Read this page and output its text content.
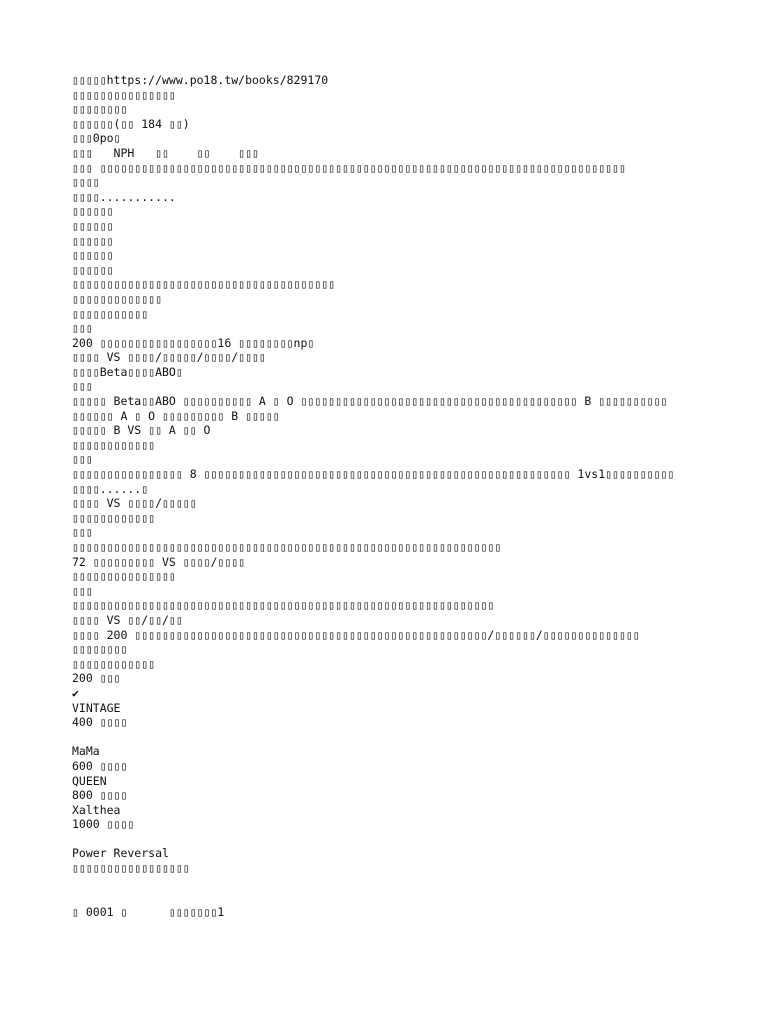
▯▯▯▯▯https://www.po18.tw/books/829170
▯▯▯▯▯▯▯▯▯▯▯▯▯▯▯
▯▯▯▯▯▯▯▯
▯▯▯▯▯▯(▯▯ 184 ▯▯)
▯▯▯0po▯
▯▯▯   NPH   ▯▯    ▯▯    ▯▯▯
▯▯▯ ▯▯▯▯▯▯▯▯▯▯▯▯▯▯▯▯▯▯▯▯▯▯▯▯▯▯▯▯▯▯▯▯▯▯▯▯▯▯▯▯▯▯▯▯▯▯▯▯▯▯▯▯▯▯▯▯▯▯▯▯▯▯▯▯▯▯▯▯▯▯▯▯▯▯▯▯
▯▯▯▯
▯▯▯▯...........
▯▯▯▯▯▯
▯▯▯▯▯▯
▯▯▯▯▯▯
▯▯▯▯▯▯
▯▯▯▯▯▯
▯▯▯▯▯▯▯▯▯▯▯▯▯▯▯▯▯▯▯▯▯▯▯▯▯▯▯▯▯▯▯▯▯▯▯▯▯▯
▯▯▯▯▯▯▯▯▯▯▯▯▯
▯▯▯▯▯▯▯▯▯▯▯
▯▯▯
200 ▯▯▯▯▯▯▯▯▯▯▯▯▯▯▯▯▯16 ▯▯▯▯▯▯▯▯np▯
▯▯▯▯ VS ▯▯▯▯/▯▯▯▯▯/▯▯▯▯/▯▯▯▯
▯▯▯▯Beta▯▯▯▯ABO▯
▯▯▯
▯▯▯▯▯ Beta▯▯ABO ▯▯▯▯▯▯▯▯▯▯ A ▯ O ▯▯▯▯▯▯▯▯▯▯▯▯▯▯▯▯▯▯▯▯▯▯▯▯▯▯▯▯▯▯▯▯▯▯▯▯▯▯▯▯ B ▯▯▯▯▯▯▯▯▯▯
▯▯▯▯▯▯ A ▯ O ▯▯▯▯▯▯▯▯▯ B ▯▯▯▯▯
▯▯▯▯▯ B VS ▯▯ A ▯▯ O
▯▯▯▯▯▯▯▯▯▯▯▯
▯▯▯
▯▯▯▯▯▯▯▯▯▯▯▯▯▯▯▯ 8 ▯▯▯▯▯▯▯▯▯▯▯▯▯▯▯▯▯▯▯▯▯▯▯▯▯▯▯▯▯▯▯▯▯▯▯▯▯▯▯▯▯▯▯▯▯▯▯▯▯▯▯▯▯ 1vs1▯▯▯▯▯▯▯▯▯▯
▯▯▯▯......▯
▯▯▯▯ VS ▯▯▯▯/▯▯▯▯▯
▯▯▯▯▯▯▯▯▯▯▯▯
▯▯▯
▯▯▯▯▯▯▯▯▯▯▯▯▯▯▯▯▯▯▯▯▯▯▯▯▯▯▯▯▯▯▯▯▯▯▯▯▯▯▯▯▯▯▯▯▯▯▯▯▯▯▯▯▯▯▯▯▯▯▯▯▯▯
72 ▯▯▯▯▯▯▯▯▯ VS ▯▯▯▯/▯▯▯▯
▯▯▯▯▯▯▯▯▯▯▯▯▯▯▯
▯▯▯
▯▯▯▯▯▯▯▯▯▯▯▯▯▯▯▯▯▯▯▯▯▯▯▯▯▯▯▯▯▯▯▯▯▯▯▯▯▯▯▯▯▯▯▯▯▯▯▯▯▯▯▯▯▯▯▯▯▯▯▯▯
▯▯▯▯ VS ▯▯/▯▯/▯▯
▯▯▯▯ 200 ▯▯▯▯▯▯▯▯▯▯▯▯▯▯▯▯▯▯▯▯▯▯▯▯▯▯▯▯▯▯▯▯▯▯▯▯▯▯▯▯▯▯▯▯▯▯▯▯▯▯▯/▯▯▯▯▯▯/▯▯▯▯▯▯▯▯▯▯▯▯▯▯
▯▯▯▯▯▯▯▯
▯▯▯▯▯▯▯▯▯▯▯▯
200 ▯▯▯
✔
VINTAGE
400 ▯▯▯▯
MaMa
600 ▯▯▯▯
QUEEN
800 ▯▯▯▯
Xalthea
1000 ▯▯▯▯
Power Reversal
▯▯▯▯▯▯▯▯▯▯▯▯▯▯▯▯▯
▯ 0001 ▯      ▯▯▯▯▯▯▯1
